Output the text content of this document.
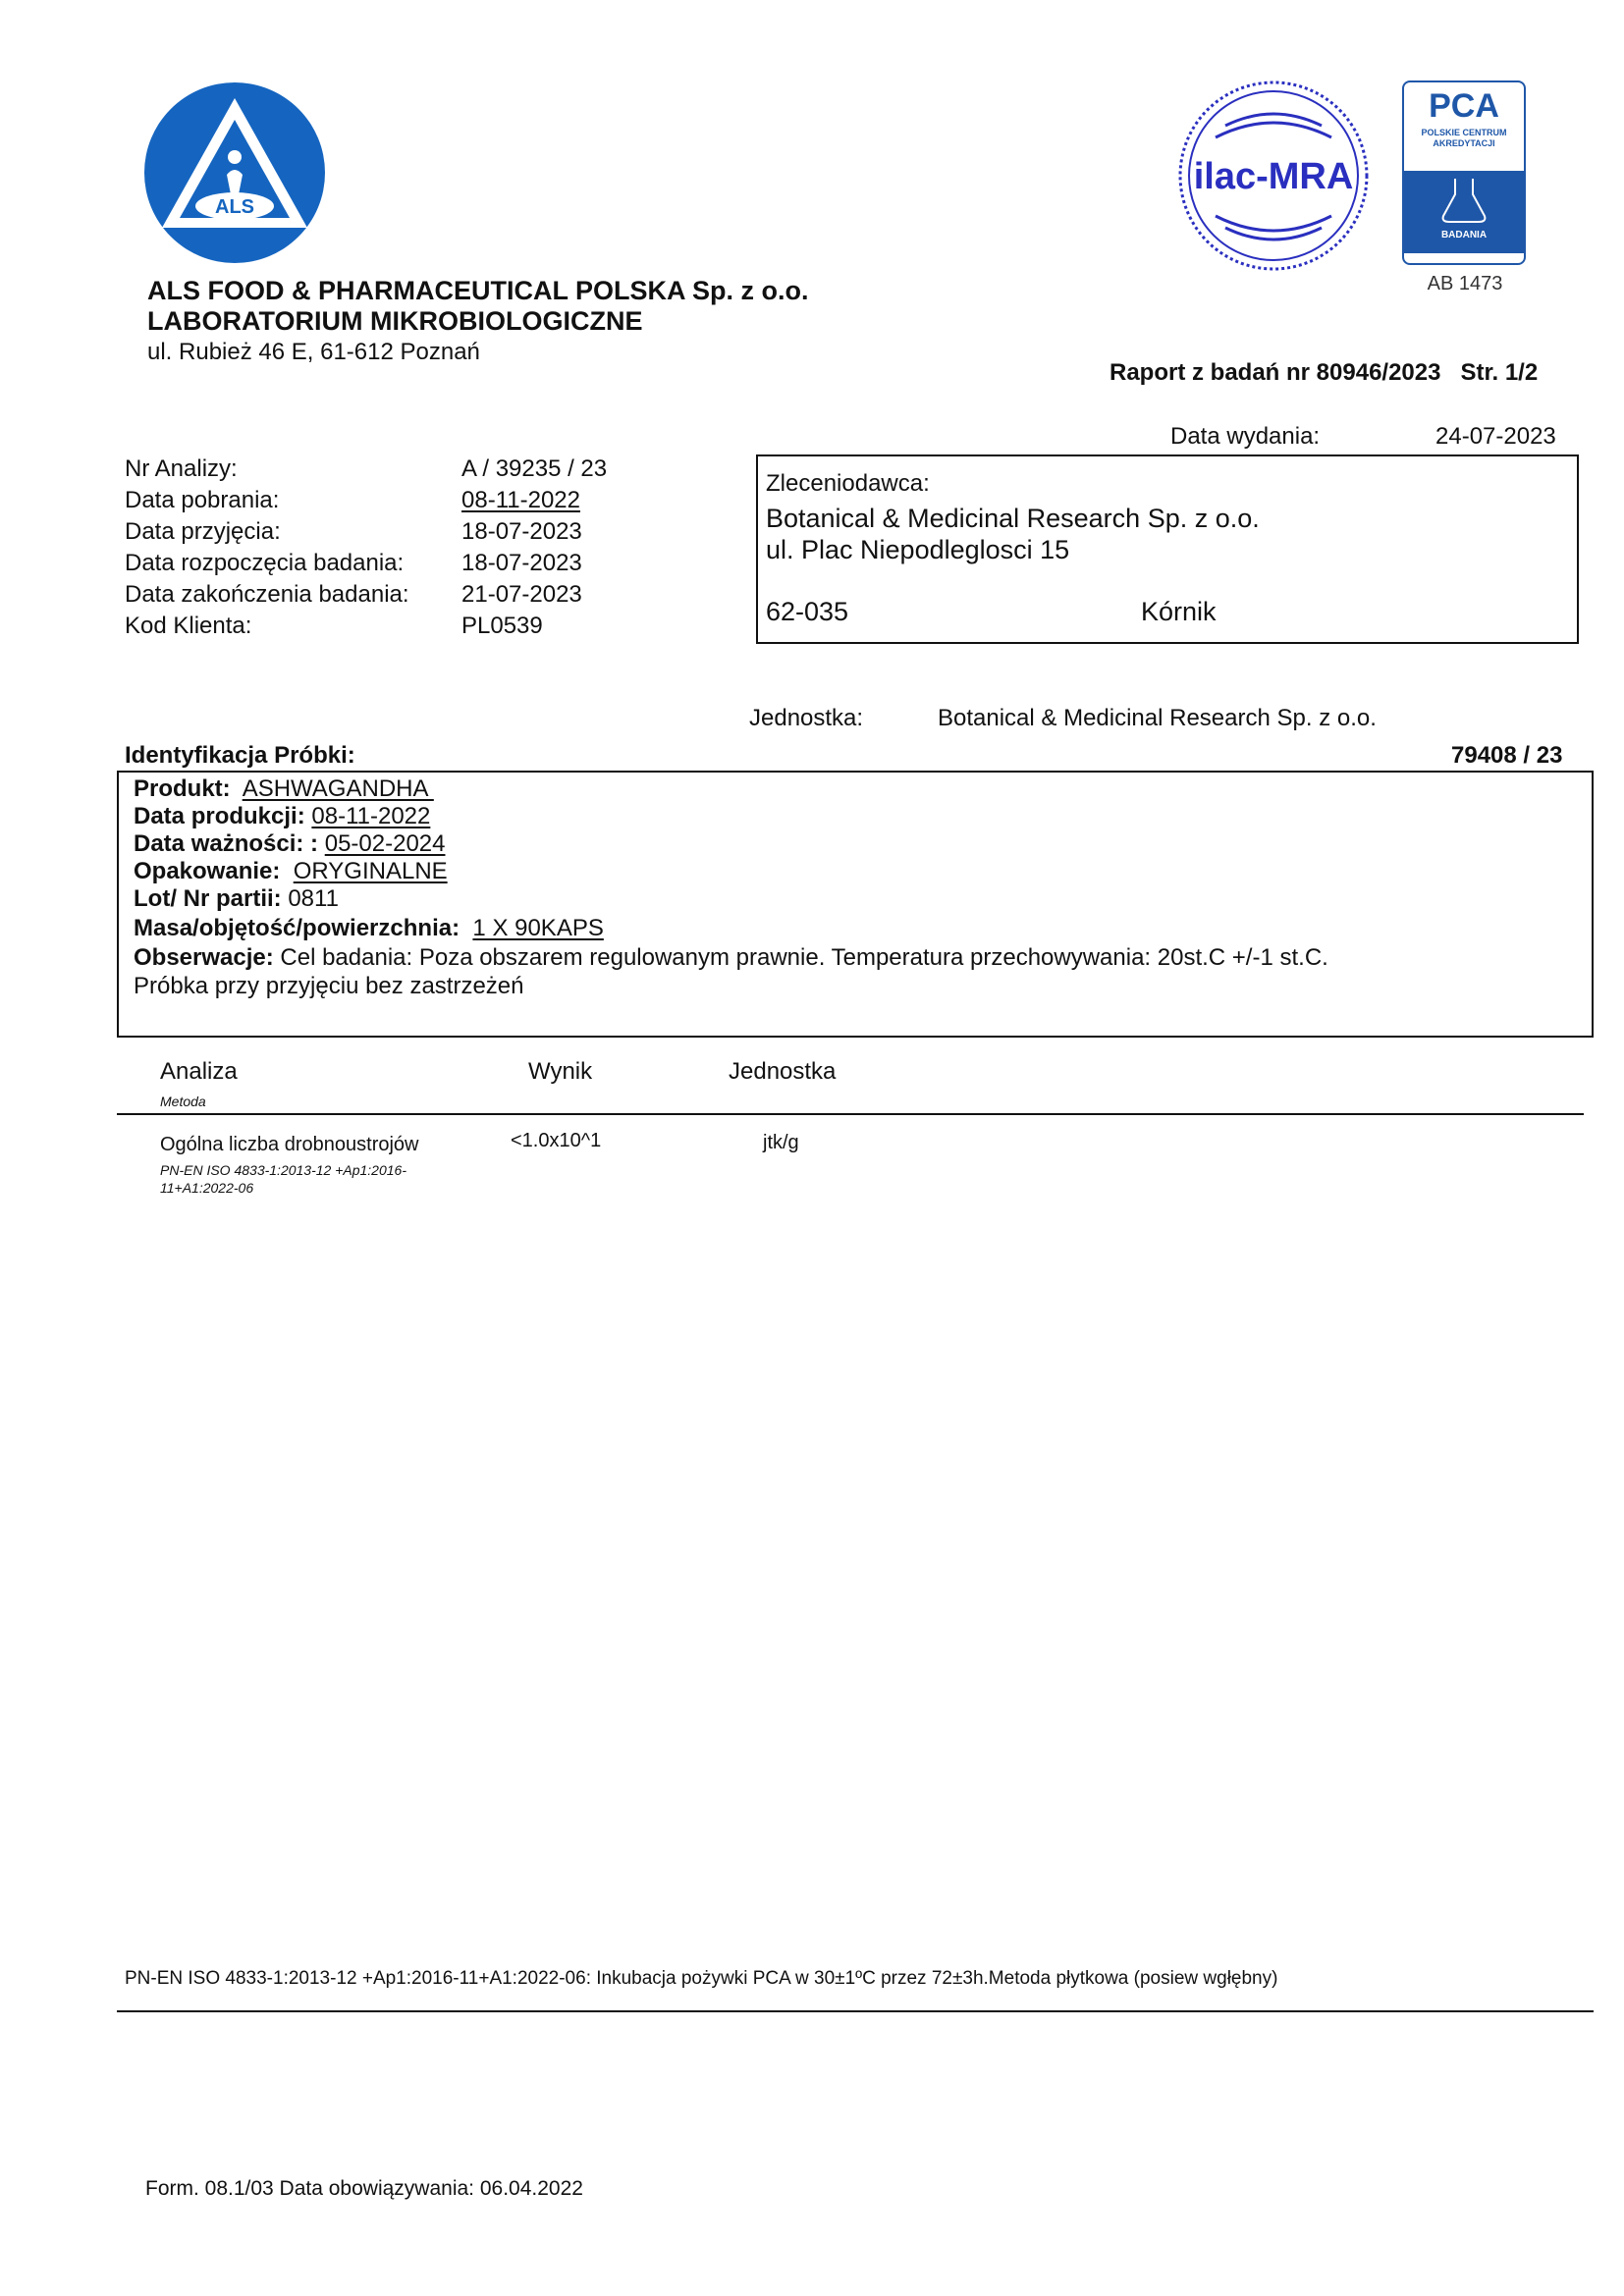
ALS
ilac-MRA
PCA
POLSKIE CENTRUM AKREDYTACJI
BADANIA
AB 1473
ALS FOOD & PHARMACEUTICAL POLSKA Sp. z o.o.
LABORATORIUM MIKROBIOLOGICZNE
ul. Rubież 46 E, 61-612 Poznań
Raport z badań nr 80946/2023   Str. 1/2
Data wydania:	24-07-2023
Nr Analizy:	A / 39235 / 23
Data pobrania:	08-11-2022
Data przyjęcia:	18-07-2023
Data rozpoczęcia badania: 18-07-2023
Data zakończenia badania: 21-07-2023
Kod Klienta:	PL0539
Zleceniodawca:
Botanical & Medicinal Research Sp. z o.o.
ul. Plac Niepodleglosci 15
62-035	Kórnik
Jednostka:	Botanical & Medicinal Research Sp. z o.o.
Identyfikacja Próbki:	79408 / 23
Produkt: ASHWAGANDHA
Data produkcji: 08-11-2022
Data ważności: : 05-02-2024
Opakowanie: ORYGINALNE
Lot/ Nr partii: 0811
Masa/objętość/powierzchnia: 1 X 90KAPS
Obserwacje: Cel badania: Poza obszarem regulowanym prawnie. Temperatura przechowywania: 20st.C +/-1 st.C.
Próbka przy przyjęciu bez zastrzeżeń
Analiza
Metoda
Wynik	Jednostka
Ogólna liczba drobnoustrojów
PN-EN ISO 4833-1:2013-12 +Ap1:2016-
11+A1:2022-06
<1.0x10^1	jtk/g
PN-EN ISO 4833-1:2013-12 +Ap1:2016-11+A1:2022-06: Inkubacja pożywki PCA w 30±1ºC przez 72±3h.Metoda płytkowa (posiew wgłębny)
Form. 08.1/03 Data obowiązywania: 06.04.2022
